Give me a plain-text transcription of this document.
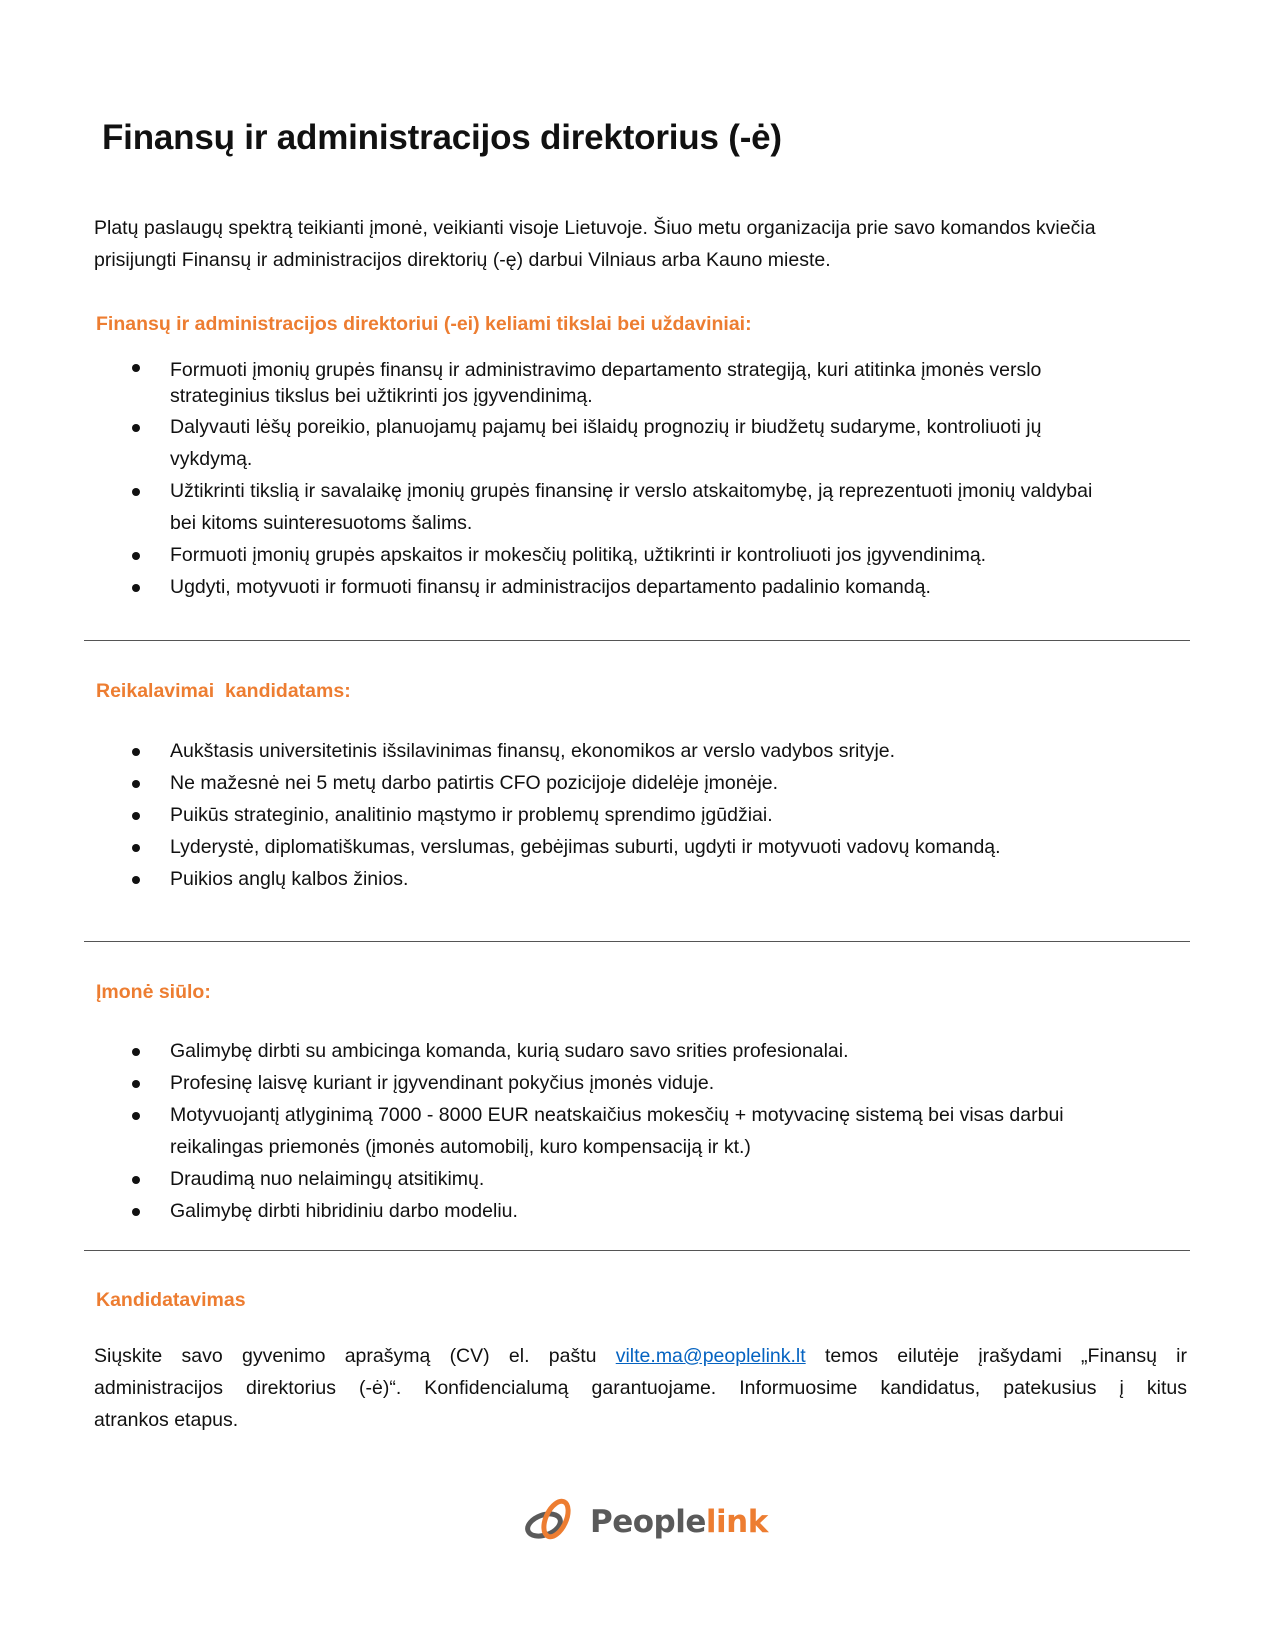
Finansų ir administracijos direktorius (-ė)

Platų paslaugų spektrą teikianti įmonė, veikianti visoje Lietuvoje. Šiuo metu organizacija prie savo komandos kviečia
prisijungti Finansų ir administracijos direktorių (-ę) darbui Vilniaus arba Kauno mieste.

Finansų ir administracijos direktoriui (-ei) keliami tikslai bei uždaviniai:
Formuoti įmonių grupės finansų ir administravimo departamento strategiją, kuri atitinka įmonės verslo
strateginius tikslus bei užtikrinti jos įgyvendinimą.
Dalyvauti lėšų poreikio, planuojamų pajamų bei išlaidų prognozių ir biudžetų sudaryme, kontroliuoti jų
vykdymą.
Užtikrinti tikslią ir savalaikę įmonių grupės finansinę ir verslo atskaitomybę, ją reprezentuoti įmonių valdybai
bei kitoms suinteresuotoms šalims.
Formuoti įmonių grupės apskaitos ir mokesčių politiką, užtikrinti ir kontroliuoti jos įgyvendinimą.
Ugdyti, motyvuoti ir formuoti finansų ir administracijos departamento padalinio komandą.
Reikalavimai  kandidatams:
Aukštasis universitetinis išsilavinimas finansų, ekonomikos ar verslo vadybos srityje.
Ne mažesnė nei 5 metų darbo patirtis CFO pozicijoje didelėje įmonėje.
Puikūs strateginio, analitinio mąstymo ir problemų sprendimo įgūdžiai.
Lyderystė, diplomatiškumas, verslumas, gebėjimas suburti, ugdyti ir motyvuoti vadovų komandą.
Puikios anglų kalbos žinios.
Įmonė siūlo:
Galimybę dirbti su ambicinga komanda, kurią sudaro savo srities profesionalai.
Profesinę laisvę kuriant ir įgyvendinant pokyčius įmonės viduje.
Motyvuojantį atlyginimą 7000 - 8000 EUR neatskaičius mokesčių + motyvacinę sistemą bei visas darbui
reikalingas priemonės (įmonės automobilį, kuro kompensaciją ir kt.)
Draudimą nuo nelaimingų atsitikimų.
Galimybę dirbti hibridiniu darbo modeliu.
Kandidatavimas

Siųskite savo gyvenimo aprašymą (CV) el. paštu vilte.ma@peoplelink.lt temos eilutėje įrašydami „Finansų ir
administracijos direktorius (-ė)“. Konfidencialumą garantuojame. Informuosime kandidatus, patekusius į kitus
atrankos etapus.

Peoplelink
